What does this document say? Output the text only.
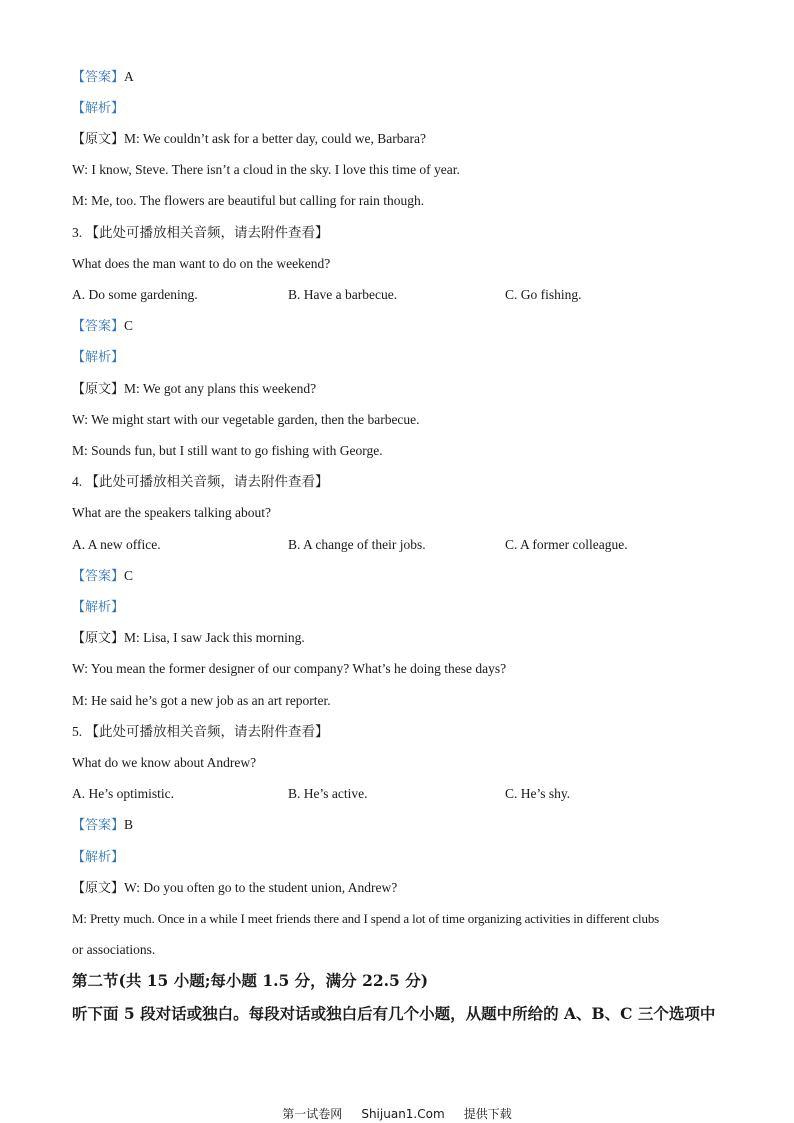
【答案】A
【解析】
【原文】M: We couldn’t ask for a better day, could we, Barbara?
W: I know, Steve. There isn’t a cloud in the sky. I love this time of year.
M: Me, too. The flowers are beautiful but calling for rain though.
3. 【此处可播放相关音频，请去附件查看】
What does the man want to do on the weekend?
A. Do some gardening.	B. Have a barbecue.	C. Go fishing.
【答案】C
【解析】
【原文】M: We got any plans this weekend?
W: We might start with our vegetable garden, then the barbecue.
M: Sounds fun, but I still want to go fishing with George.
4. 【此处可播放相关音频，请去附件查看】
What are the speakers talking about?
A. A new office.	B. A change of their jobs.	C. A former colleague.
【答案】C
【解析】
【原文】M: Lisa, I saw Jack this morning.
W: You mean the former designer of our company? What’s he doing these days?
M: He said he’s got a new job as an art reporter.
5. 【此处可播放相关音频，请去附件查看】
What do we know about Andrew?
A. He’s optimistic.	B. He’s active.	C. He’s shy.
【答案】B
【解析】
【原文】W: Do you often go to the student union, Andrew?
M: Pretty much. Once in a while I meet friends there and I spend a lot of time organizing activities in different clubs
or associations.
第二节(共 15 小题;每小题 1.5 分，满分 22.5 分)
听下面 5 段对话或独白。每段对话或独白后有几个小题，从题中所给的 A、B、C 三个选项中
第一试卷网     Shijuan1.Com     提供下载
